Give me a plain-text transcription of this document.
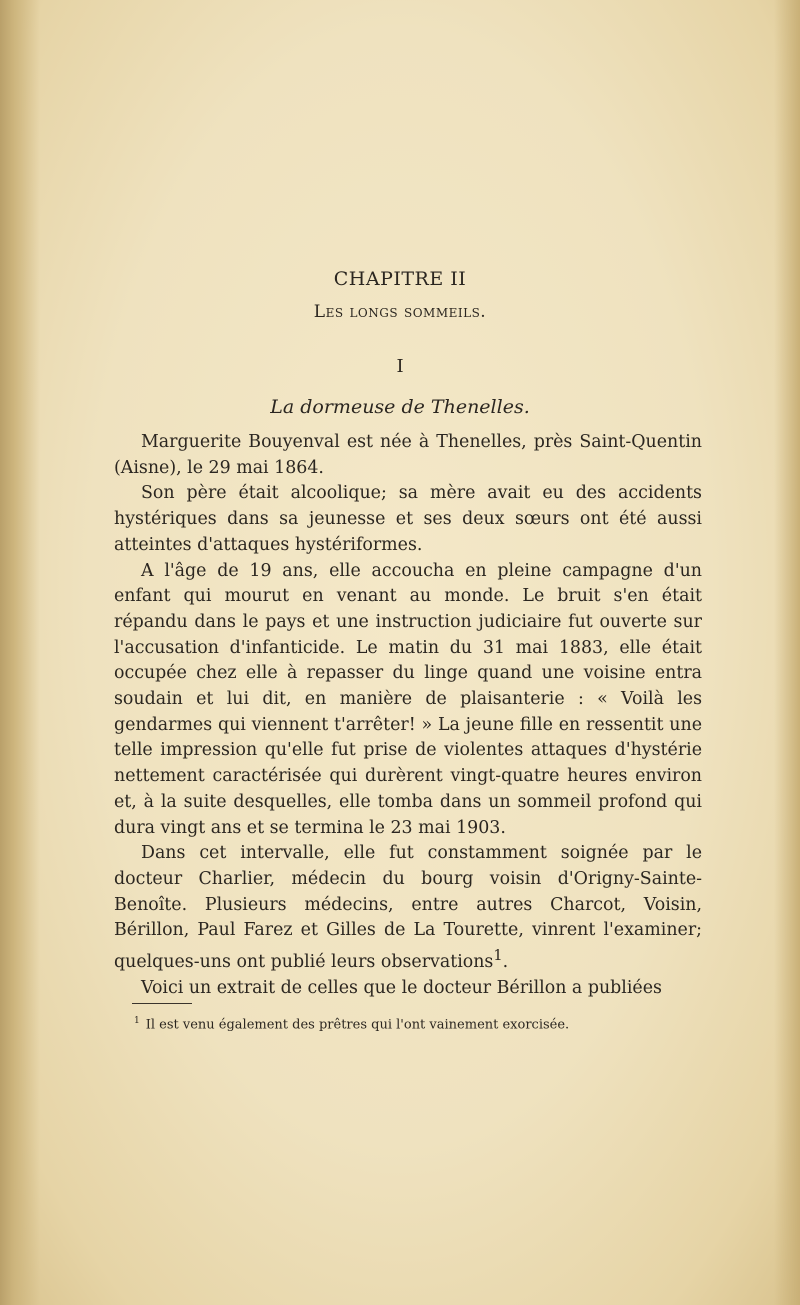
CHAPITRE II
Les longs sommeils.
I
La dormeuse de Thenelles.

Marguerite Bouyenval est née à Thenelles, près Saint-Quentin (Aisne), le 29 mai 1864.

Son père était alcoolique; sa mère avait eu des accidents hystériques dans sa jeunesse et ses deux sœurs ont été aussi atteintes d'attaques hystériformes.

A l'âge de 19 ans, elle accoucha en pleine campagne d'un enfant qui mourut en venant au monde. Le bruit s'en était répandu dans le pays et une instruction judiciaire fut ouverte sur l'accusation d'infanticide. Le matin du 31 mai 1883, elle était occupée chez elle à repasser du linge quand une voisine entra soudain et lui dit, en manière de plaisanterie : « Voilà les gendarmes qui viennent t'arrêter! » La jeune fille en ressentit une telle impression qu'elle fut prise de violentes attaques d'hystérie nettement caractérisée qui durèrent vingt-quatre heures environ et, à la suite desquelles, elle tomba dans un sommeil profond qui dura vingt ans et se termina le 23 mai 1903.

Dans cet intervalle, elle fut constamment soignée par le docteur Charlier, médecin du bourg voisin d'Origny-Sainte-Benoîte. Plusieurs médecins, entre autres Charcot, Voisin, Bérillon, Paul Farez et Gilles de La Tourette, vinrent l'examiner; quelques-uns ont publié leurs observations$^1$.

Voici un extrait de celles que le docteur Bérillon a publiées

$^1$ Il est venu également des prêtres qui l'ont vainement exorcisée.
